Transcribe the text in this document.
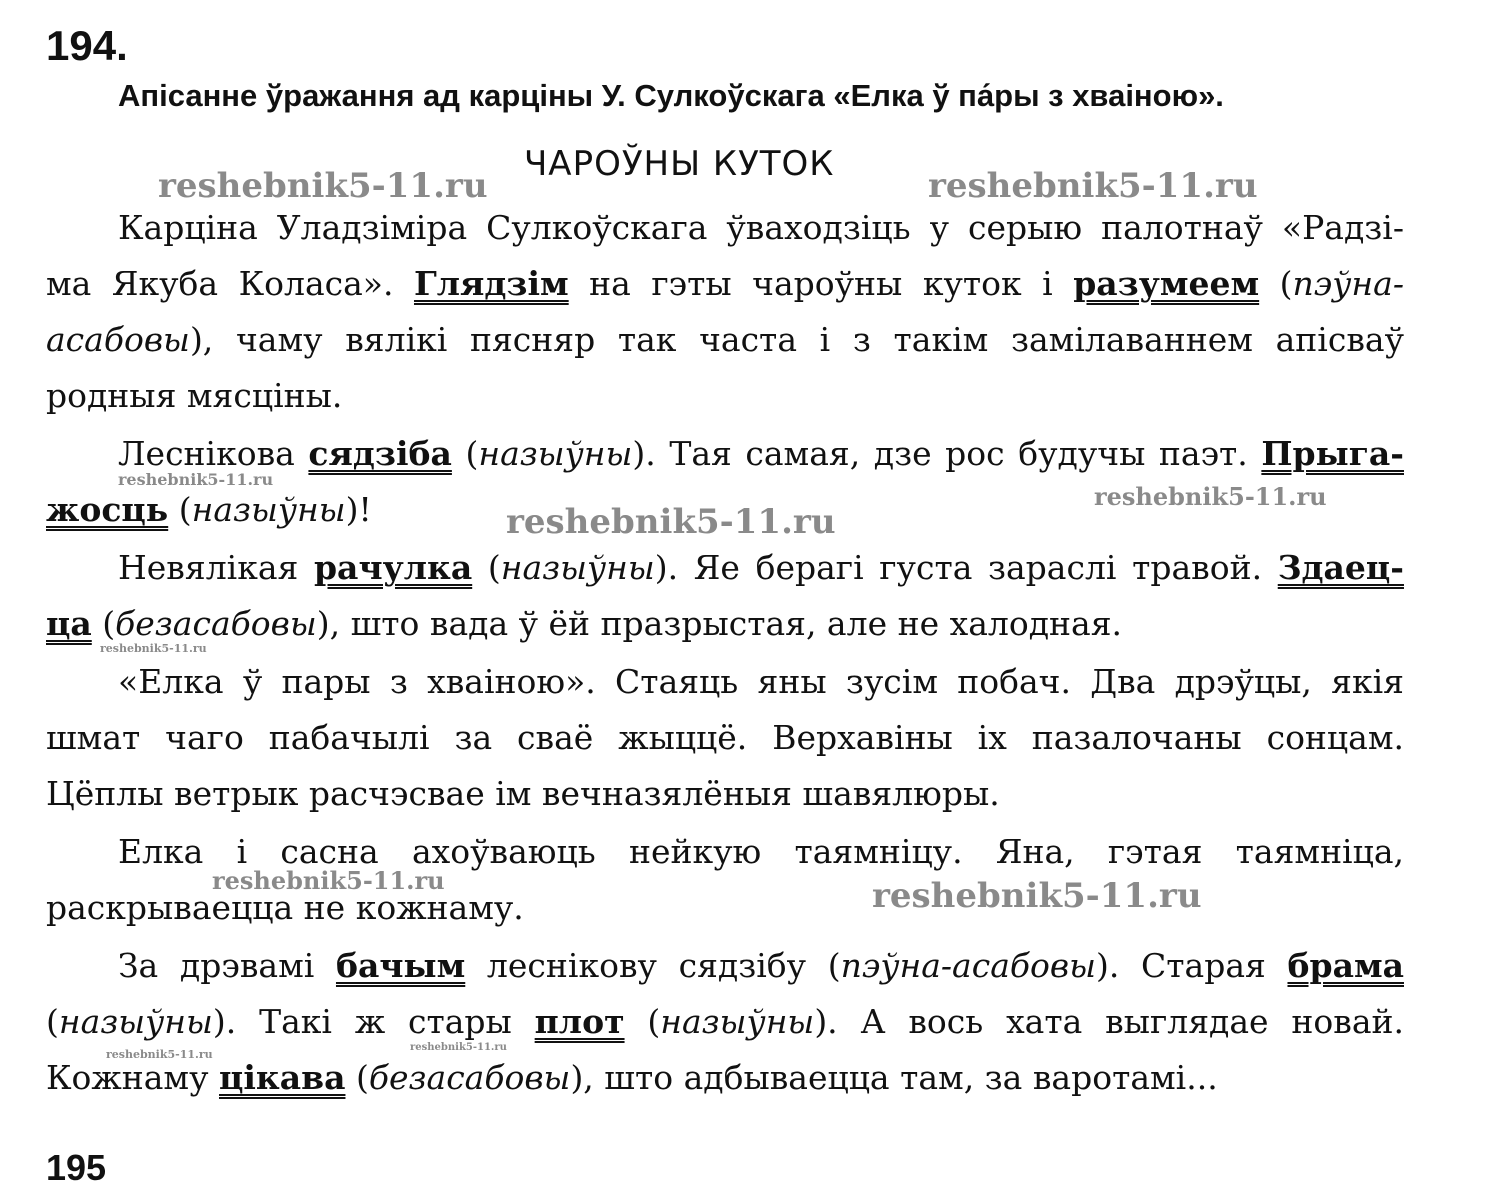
194.
Апісанне ўражання ад карціны У. Сулкоўскага «Елка ў па́ры з хваіною».
reshebnik5-11.ru
ЧАРОЎНЫ КУТОК
reshebnik5-11.ru
Карціна Уладзіміра Сулкоўскага ўваходзіць у серыю палотнаў «Радзі-
ма Якуба Коласа». Глядзім на гэты чароўны куток і разумеем (пэўна-
асабовы), чаму вялікі пясняр так часта і з такім замілаваннем апісваў
родныя мясціны.
Леснікова сядзіба (назыўны). Тая самая, дзе рос будучы паэт. Прыга-
reshebnik5-11.ru
reshebnik5-11.ru
жосць (назыўны)!	reshebnik5-11.ru
Невялікая рачулка (назыўны). Яе берагі густа зараслі травой. Здаец-
ца (безасабовы), што вада ў ёй празрыстая, але не халодная.
reshebnik5-11.ru
«Елка ў пары з хваіною». Стаяць яны зусім побач. Два дрэўцы, якія
шмат чаго пабачылі за сваё жыццё. Верхавіны іх пазалочаны сонцам.
Цёплы ветрык расчэсвае ім вечназялёныя шавялюры.
Елка і сасна ахоўваюць нейкую таямніцу. Яна, гэтая таямніца,
reshebnik5-11.ru
раскрываецца не кожнаму.	reshebnik5-11.ru
За дрэвамі бачым леснікову сядзібу (пэўна-асабовы). Старая брама
(назыўны). Такі ж стары плот (назыўны). А вось хата выглядае новай.
reshebnik5-11.ru
reshebnik5-11.ru
Кожнаму цікава (безасабовы), што адбываецца там, за варотамі...
195
